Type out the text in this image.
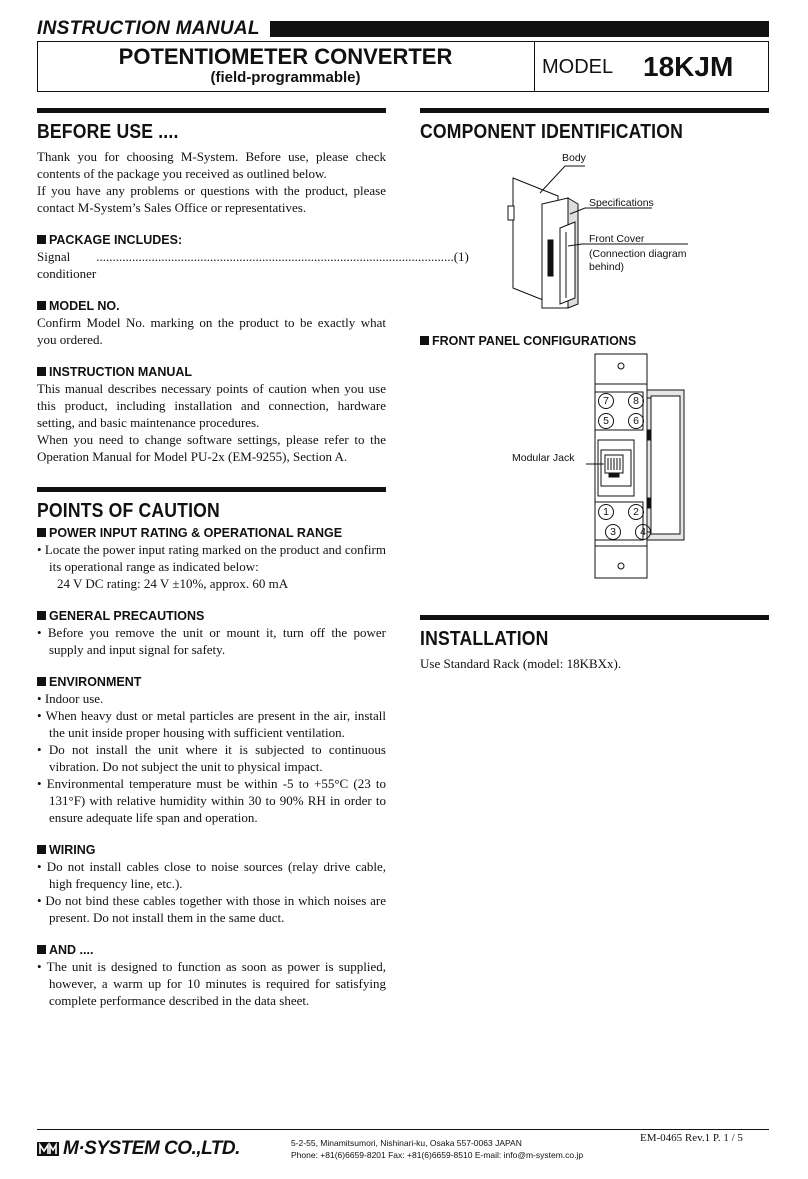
INSTRUCTION MANUAL
POTENTIOMETER CONVERTER
(field-programmable)	MODEL 18KJM
BEFORE USE ....
Thank you for choosing M-System. Before use, please check contents of the package you received as outlined below.
If you have any problems or questions with the product, please contact M-System’s Sales Office or representatives.
PACKAGE INCLUDES:
Signal conditioner
.............................................................................................................. (1)
MODEL NO.
Confirm Model No. marking on the product to be exactly what you ordered.
INSTRUCTION MANUAL
This manual describes necessary points of caution when you use this product, including installation and connection, hardware setting, and basic maintenance procedures.
When you need to change software settings, please refer to the Operation Manual for Model PU-2x (EM-9255), Section A.
POINTS OF CAUTION
POWER INPUT RATING & OPERATIONAL RANGE
• Locate the power input rating marked on the product and confirm its operational range as indicated below:
24 V DC rating: 24 V ±10%, approx. 60 mA
GENERAL PRECAUTIONS
• Before you remove the unit or mount it, turn off the power supply and input signal for safety.
ENVIRONMENT
• Indoor use.
• When heavy dust or metal particles are present in the air, install the unit inside proper housing with sufficient ventilation.
• Do not install the unit where it is subjected to continuous vibration. Do not subject the unit to physical impact.
• Environmental temperature must be within -5 to +55°C (23 to 131°F) with relative humidity within 30 to 90% RH in order to ensure adequate life span and operation.
WIRING
• Do not install cables close to noise sources (relay drive cable, high frequency line, etc.).
• Do not bind these cables together with those in which noises are present. Do not install them in the same duct.
AND ....
• The unit is designed to function as soon as power is supplied, however, a warm up for 10 minutes is required for satisfying complete performance described in the data sheet.
COMPONENT IDENTIFICATION
Body
Specifications
Front Cover
(Connection diagram
behind)
FRONT PANEL CONFIGURATIONS
7	8
5	6
1	2
3	4
Modular Jack
INSTALLATION
Use Standard Rack (model: 18KBXx).
M·SYSTEM CO.,LTD.	5-2-55, Minamitsumori, Nishinari-ku, Osaka 557-0063 JAPAN
Phone: +81(6)6659-8201 Fax: +81(6)6659-8510 E-mail: info@m-system.co.jp
EM-0465 Rev.1 P. 1 / 5
